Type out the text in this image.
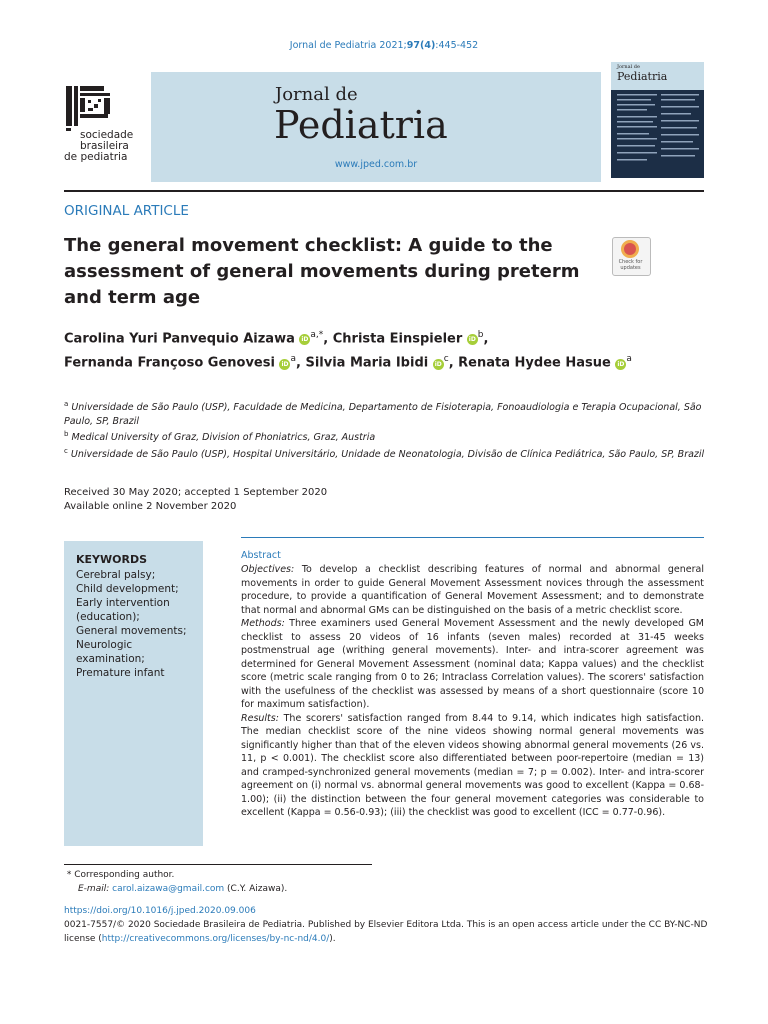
Jornal de Pediatria 2021;97(4):445-452
sociedade
brasileira
de pediatria
Jornal de
Pediatria
www.jped.com.br
Jornal de
Pediatria
ORIGINAL ARTICLE
The general movement checklist: A guide to the assessment of general movements during preterm and term age
Check for updates
Carolina Yuri Panvequio Aizawa iD $^{a,*}$, Christa Einspieler iD $^b$,
Fernanda Françoso Genovesi iD $^a$, Silvia Maria Ibidi iD $^c$, Renata Hydee Hasue iD $^a$
$^a$ Universidade de São Paulo (USP), Faculdade de Medicina, Departamento de Fisioterapia, Fonoaudiologia e Terapia Ocupacional, São Paulo, SP, Brazil
$^b$ Medical University of Graz, Division of Phoniatrics, Graz, Austria
$^c$ Universidade de São Paulo (USP), Hospital Universitário, Unidade de Neonatologia, Divisão de Clínica Pediátrica, São Paulo, SP, Brazil
Received 30 May 2020; accepted 1 September 2020
Available online 2 November 2020
KEYWORDS
Cerebral palsy;
Child development;
Early intervention (education);
General movements;
Neurologic examination;
Premature infant
Abstract
Objectives: To develop a checklist describing features of normal and abnormal general movements in order to guide General Movement Assessment novices through the assessment procedure, to provide a quantification of General Movement Assessment; and to demonstrate that normal and abnormal GMs can be distinguished on the basis of a metric checklist score.
Methods: Three examiners used General Movement Assessment and the newly developed GM checklist to assess 20 videos of 16 infants (seven males) recorded at 31-45 weeks postmenstrual age (writhing general movements). Inter- and intra-scorer agreement was determined for General Movement Assessment (nominal data; Kappa values) and the checklist score (metric scale ranging from 0 to 26; Intraclass Correlation values). The scorers' satisfaction with the usefulness of the checklist was assessed by means of a short questionnaire (score 10 for maximum satisfaction).
Results: The scorers' satisfaction ranged from 8.44 to 9.14, which indicates high satisfaction. The median checklist score of the nine videos showing normal general movements was significantly higher than that of the eleven videos showing abnormal general movements (26 vs. 11, p < 0.001). The checklist score also differentiated between poor-repertoire (median = 13) and cramped-synchronized general movements (median = 7; p = 0.002). Inter- and intra-scorer agreement on (i) normal vs. abnormal general movements was good to excellent (Kappa = 0.68-1.00); (ii) the distinction between the four general movement categories was considerable to excellent (Kappa = 0.56-0.93); (iii) the checklist was good to excellent (ICC = 0.77-0.96).
* Corresponding author.
E-mail: carol.aizawa@gmail.com (C.Y. Aizawa).
https://doi.org/10.1016/j.jped.2020.09.006
0021-7557/© 2020 Sociedade Brasileira de Pediatria. Published by Elsevier Editora Ltda. This is an open access article under the CC BY-NC-ND license (http://creativecommons.org/licenses/by-nc-nd/4.0/).
